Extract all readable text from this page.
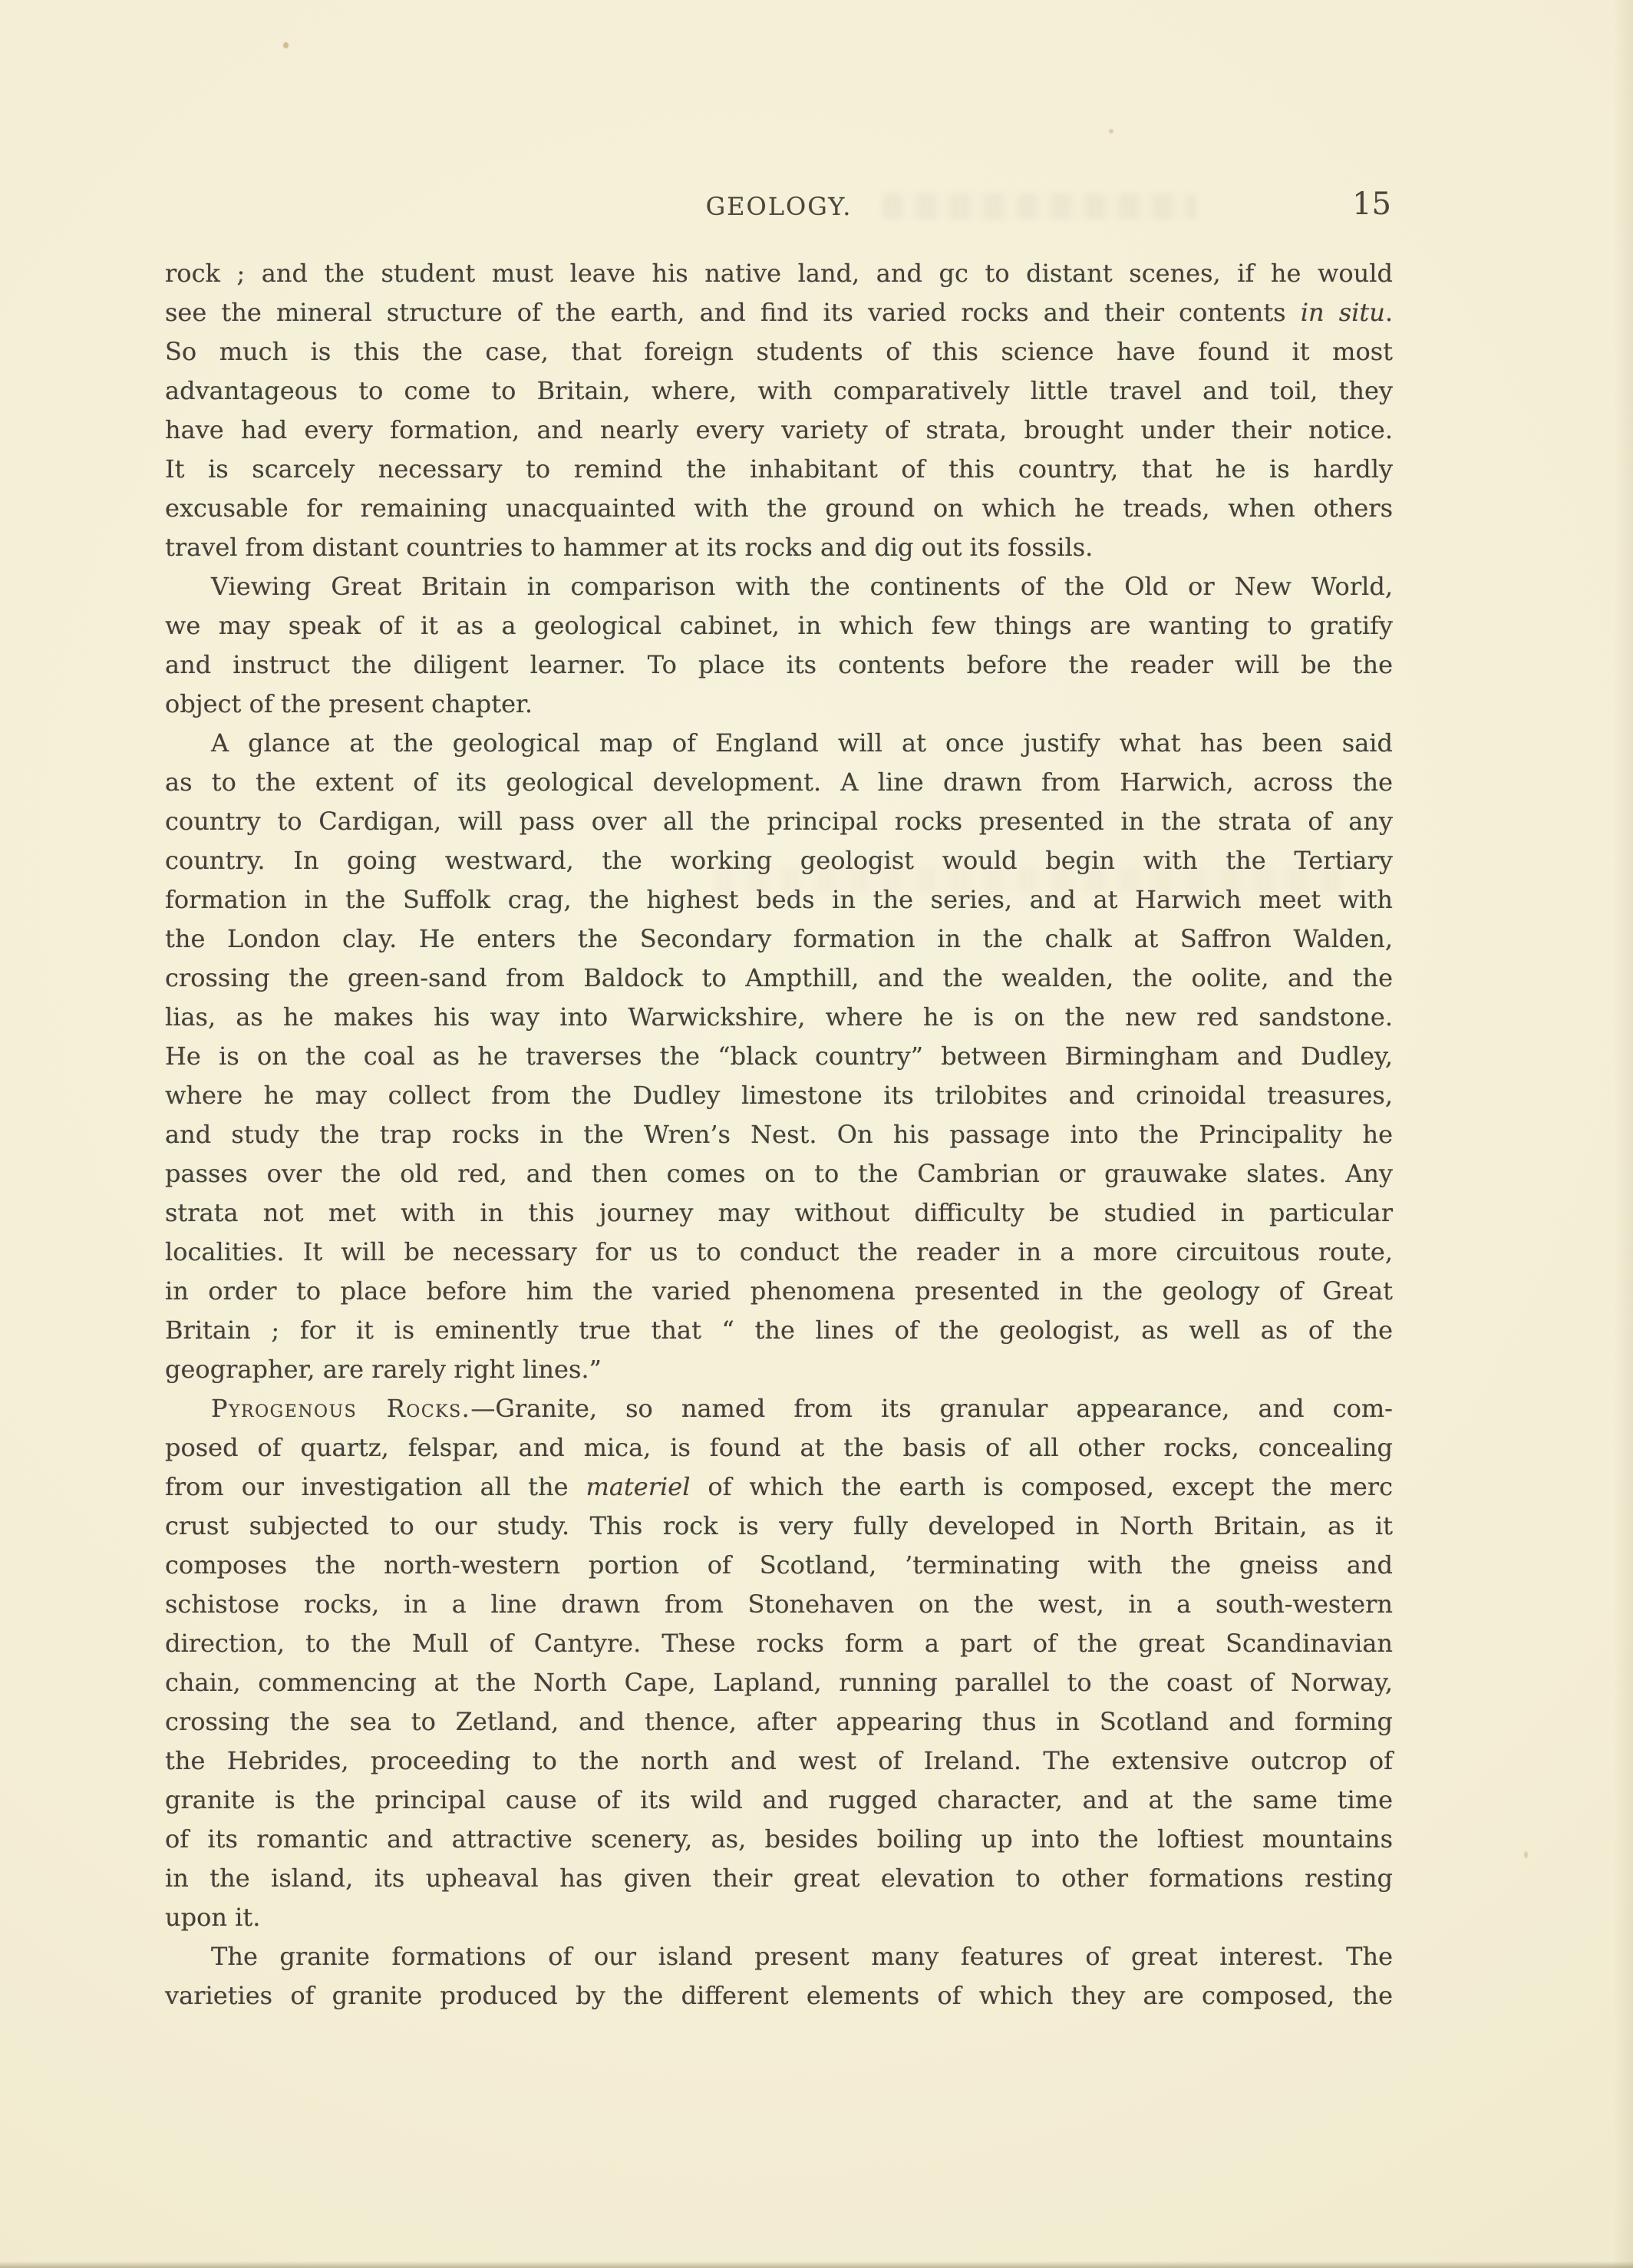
GEOLOGY.	15
rock ; and the student must leave his native land, and gc to distant scenes, if he would
see the mineral structure of the earth, and find its varied rocks and their contents in situ.
So much is this the case, that foreign students of this science have found it most
advantageous to come to Britain, where, with comparatively little travel and toil, they
have had every formation, and nearly every variety of strata, brought under their notice.
It is scarcely necessary to remind the inhabitant of this country, that he is hardly
excusable for remaining unacquainted with the ground on which he treads, when others
travel from distant countries to hammer at its rocks and dig out its fossils.
Viewing Great Britain in comparison with the continents of the Old or New World,
we may speak of it as a geological cabinet, in which few things are wanting to gratify
and instruct the diligent learner. To place its contents before the reader will be the
object of the present chapter.
A glance at the geological map of England will at once justify what has been said
as to the extent of its geological development. A line drawn from Harwich, across the
country to Cardigan, will pass over all the principal rocks presented in the strata of any
country. In going westward, the working geologist would begin with the Tertiary
formation in the Suffolk crag, the highest beds in the series, and at Harwich meet with
the London clay. He enters the Secondary formation in the chalk at Saffron Walden,
crossing the green-sand from Baldock to Ampthill, and the wealden, the oolite, and the
lias, as he makes his way into Warwickshire, where he is on the new red sandstone.
He is on the coal as he traverses the “black country” between Birmingham and Dudley,
where he may collect from the Dudley limestone its trilobites and crinoidal treasures,
and study the trap rocks in the Wren’s Nest. On his passage into the Principality he
passes over the old red, and then comes on to the Cambrian or grauwake slates. Any
strata not met with in this journey may without difficulty be studied in particular
localities. It will be necessary for us to conduct the reader in a more circuitous route,
in order to place before him the varied phenomena presented in the geology of Great
Britain ; for it is eminently true that “ the lines of the geologist, as well as of the
geographer, are rarely right lines.”
Pyrogenous Rocks.—Granite, so named from its granular appearance, and com-
posed of quartz, felspar, and mica, is found at the basis of all other rocks, concealing
from our investigation all the materiel of which the earth is composed, except the merc
crust subjected to our study. This rock is very fully developed in North Britain, as it
composes the north-western portion of Scotland, ’terminating with the gneiss and
schistose rocks, in a line drawn from Stonehaven on the west, in a south-western
direction, to the Mull of Cantyre. These rocks form a part of the great Scandinavian
chain, commencing at the North Cape, Lapland, running parallel to the coast of Norway,
crossing the sea to Zetland, and thence, after appearing thus in Scotland and forming
the Hebrides, proceeding to the north and west of Ireland. The extensive outcrop of
granite is the principal cause of its wild and rugged character, and at the same time
of its romantic and attractive scenery, as, besides boiling up into the loftiest mountains
in the island, its upheaval has given their great elevation to other formations resting
upon it.
The granite formations of our island present many features of great interest. The
varieties of granite produced by the different elements of which they are composed, the
